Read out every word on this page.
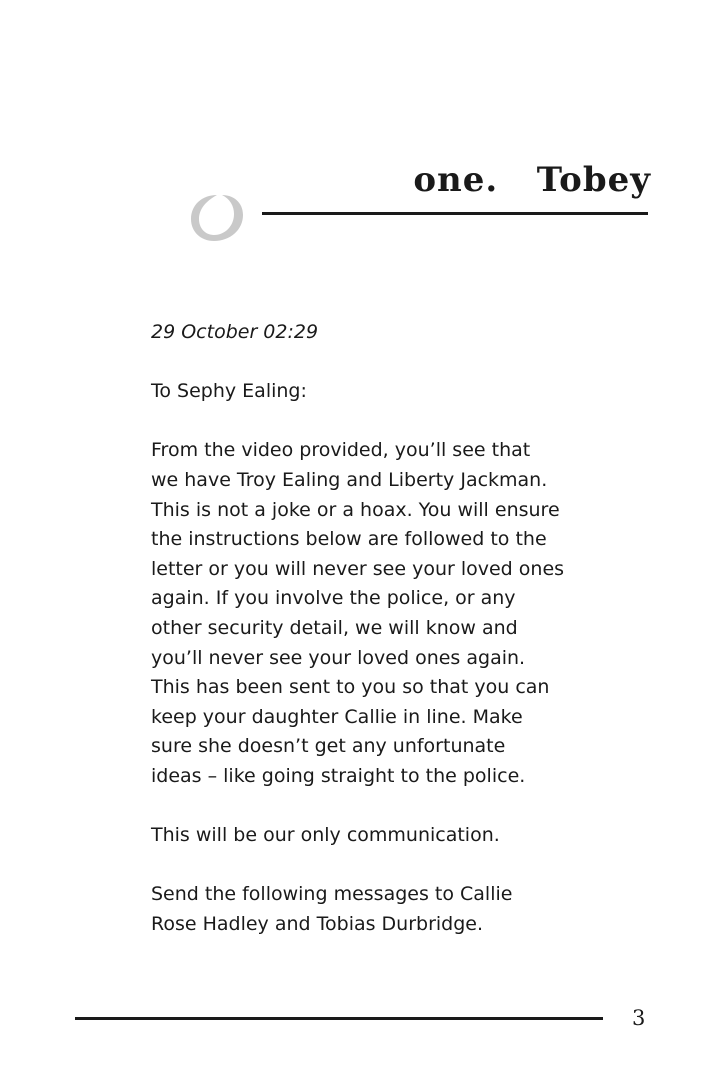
one.   Tobey

29 October 02:29

To Sephy Ealing:

From the video provided, you’ll see that
we have Troy Ealing and Liberty Jackman.
This is not a joke or a hoax. You will ensure
the instructions below are followed to the
letter or you will never see your loved ones
again. If you involve the police, or any
other security detail, we will know and
you’ll never see your loved ones again.
This has been sent to you so that you can
keep your daughter Callie in line. Make
sure she doesn’t get any unfortunate
ideas – like going straight to the police.

This will be our only communication.

Send the following messages to Callie
Rose Hadley and Tobias Durbridge.

3
